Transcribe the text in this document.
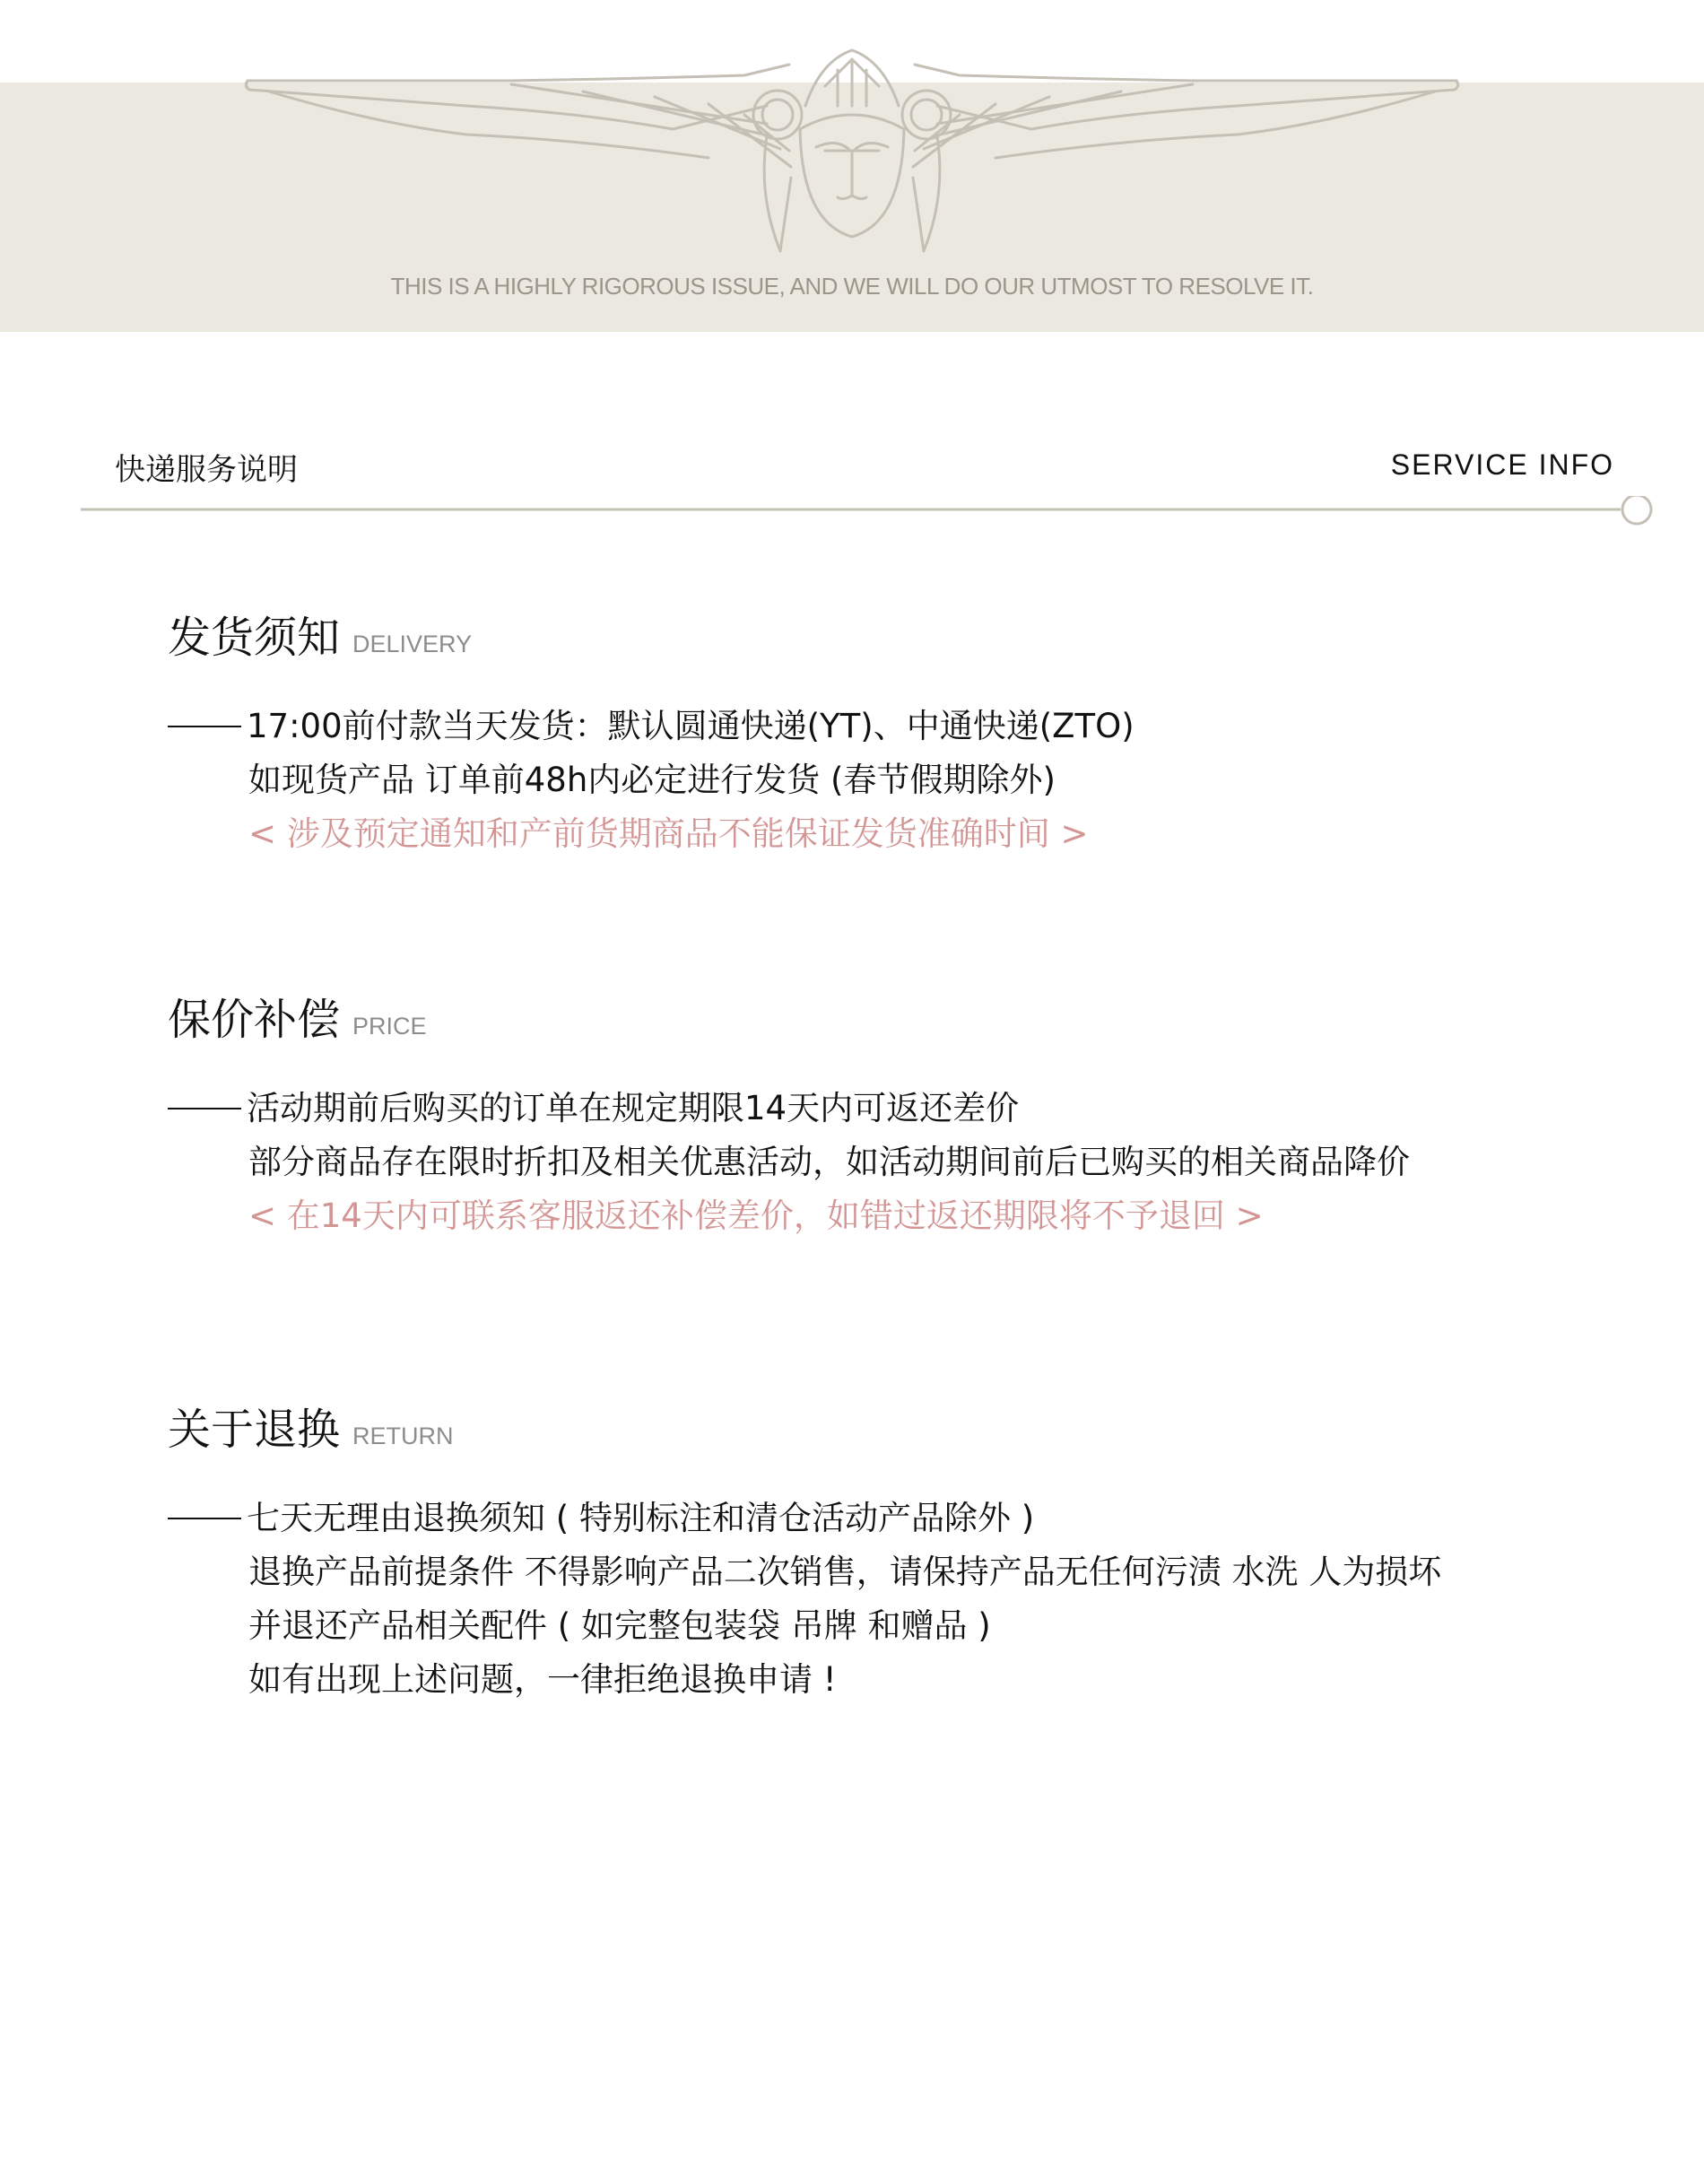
THIS IS A HIGHLY RIGOROUS ISSUE, AND WE WILL DO OUR UTMOST TO RESOLVE IT.
快递服务说明	SERVICE INFO
发货须知 DELIVERY
17:00前付款当天发货：默认圆通快递(YT)、中通快递(ZTO)
如现货产品 订单前48h内必定进行发货 (春节假期除外)
< 涉及预定通知和产前货期商品不能保证发货准确时间 >
保价补偿 PRICE
活动期前后购买的订单在规定期限14天内可返还差价
部分商品存在限时折扣及相关优惠活动，如活动期间前后已购买的相关商品降价
< 在14天内可联系客服返还补偿差价，如错过返还期限将不予退回 >
关于退换 RETURN
七天无理由退换须知 ( 特别标注和清仓活动产品除外 )
退换产品前提条件 不得影响产品二次销售，请保持产品无任何污渍 水洗 人为损坏
并退还产品相关配件 ( 如完整包装袋 吊牌 和赠品 )
如有出现上述问题，一律拒绝退换申请 !
